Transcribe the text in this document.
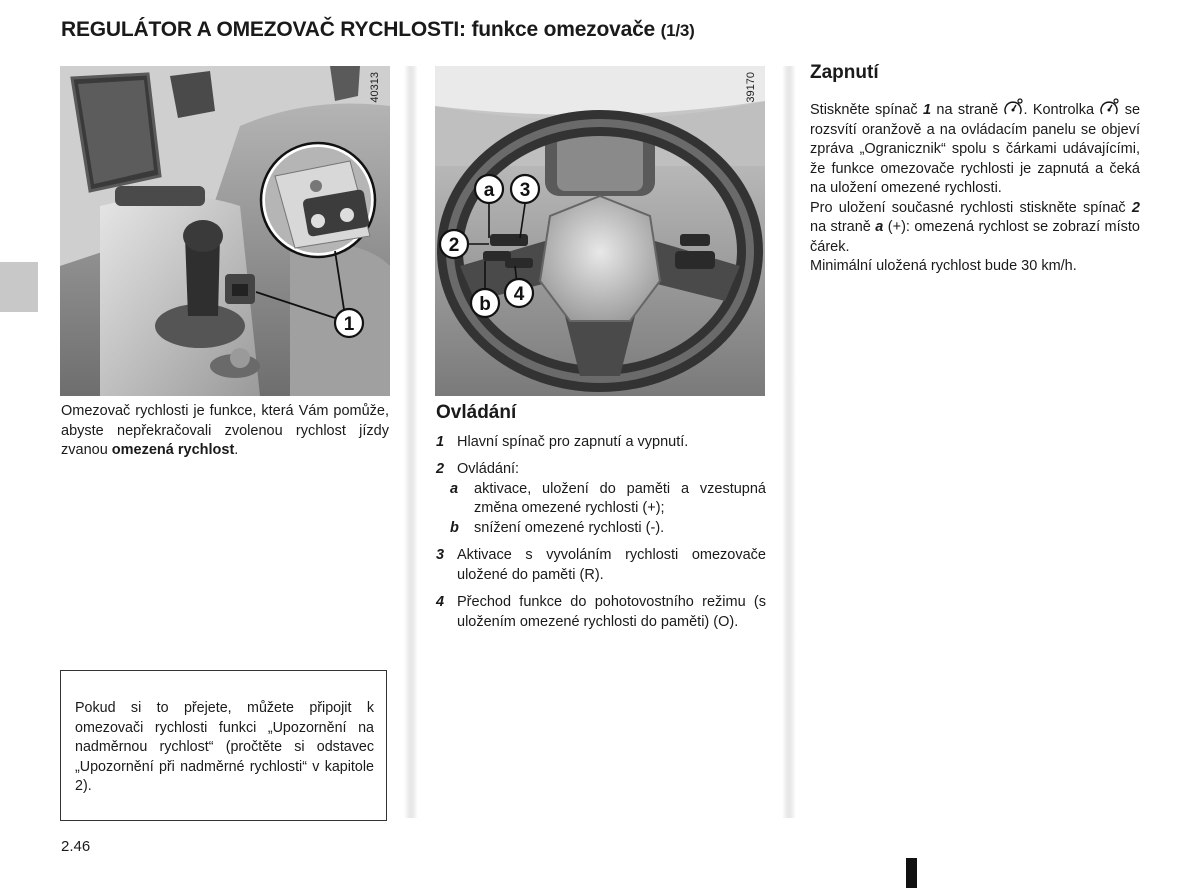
REGULÁTOR A OMEZOVAČ RYCHLOSTI: funkce omezovače (1/3)
1
40313
Omezovač rychlosti je funkce, která Vám pomůže, abyste nepřekračovali zvolenou rychlost jízdy zvanou omezená rychlost.
Pokud si to přejete, můžete připojit k omezovači rychlosti funkci „Upozornění na nadměrnou rychlost“ (pročtěte si odstavec „Upozornění při nadměrné rychlosti“ v kapitole 2).
a 3
2
b 4
39170
Ovládání
1 Hlavní spínač pro zapnutí a vypnutí.
2 Ovládání:
a aktivace, uložení do paměti a vzestupná změna omezené rychlosti (+);
b snížení omezené rychlosti (-).
3 Aktivace s vyvoláním rychlosti omezovače uložené do paměti (R).
4 Přechod funkce do pohotovostního režimu (s uložením omezené rychlosti do paměti) (O).
Zapnutí
Stiskněte spínač 1 na straně . Kontrolka  se rozsvítí oranžově a na ovládacím panelu se objeví zpráva „Ogranicznik“ spolu s čárkami udávajícími, že funkce omezovače rychlosti je zapnutá a čeká na uložení omezené rychlosti.
Pro uložení současné rychlosti stiskněte spínač 2 na straně a (+): omezená rychlost se zobrazí místo čárek.
Minimální uložená rychlost bude 30 km/h.
2.46
